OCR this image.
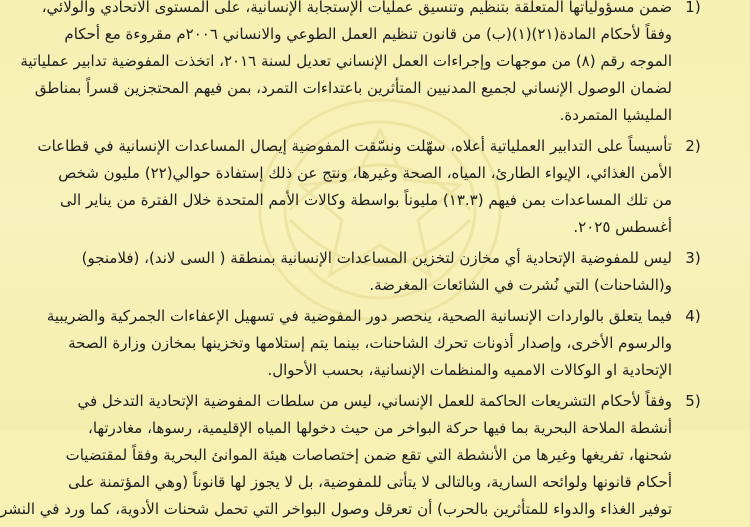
1)
ضمن مسؤولياتها المتعلقة بتنظيم وتنسيق عمليات الإستجابة الإنسانية، على المستوى الاتحادي والولائي،
وفقاً لأحكام المادة(٢١)(١)(ب) من قانون تنظيم العمل الطوعي والانساني ٢٠٠٦م مقروءة مع أحكام
الموجه رقم (٨) من موجهات وإجراءات العمل الإنساني تعديل لسنة ٢٠١٦، اتخذت المفوضية تدابير عملياتية
لضمان الوصول الإنساني لجميع المدنيين المتأثرين باعتداءات التمرد، بمن فيهم المحتجزين قسراً بمناطق
المليشيا المتمردة.
2)
تأسيساً على التدابير العملياتية أعلاه، سهّلت ونسّقت المفوضية إيصال المساعدات الإنسانية في قطاعات
الأمن الغذائي، الإيواء الطارئ، المياه، الصحة وغيرها، ونتج عن ذلك إستفادة حوالي(٢٢) مليون شخص
من تلك المساعدات بمن فيهم (١٣.٣) مليوناً بواسطة وكالات الأمم المتحدة خلال الفترة من يناير الى
أغسطس ٢٠٢٥.
3)
ليس للمفوضية الإتحادية أي مخازن لتخزين المساعدات الإنسانية بمنطقة ( السى لاند)، (فلامنجو)
و(الشاحنات) التي نُشرت في الشائعات المغرضة.
4)
فيما يتعلق بالواردات الإنسانية الصحية، ينحصر دور المفوضية في تسهيل الإعفاءات الجمركية والضريبية
والرسوم الأخرى، وإصدار أذونات تحرك الشاحنات، بينما يتم إستلامها وتخزينها بمخازن وزارة الصحة
الإتحادية او الوكالات الامميه والمنظمات الإنسانية، بحسب الأحوال.
5)
وفقاً لأحكام التشريعات الحاكمة للعمل الإنساني، ليس من سلطات المفوضية الإتحادية التدخل في
أنشطة الملاحة البحرية بما فيها حركة البواخر من حيث دخولها المياه الإقليمية، رسوها، مغادرتها،
شحنها، تفريغها وغيرها من الأنشطة التي تقع ضمن إختصاصات هيئة الموانئ البحرية وفقاً لمقتضيات
أحكام قانونها ولوائحه السارية، وبالتالى لا يتأتى للمفوضية، بل لا يجوز لها قانوناً (وهي المؤتمنة على
توفير الغذاء والدواء للمتأثرين بالحرب) أن تعرقل وصول البواخر التي تحمل شحنات الأدوية، كما ورد في النشر
